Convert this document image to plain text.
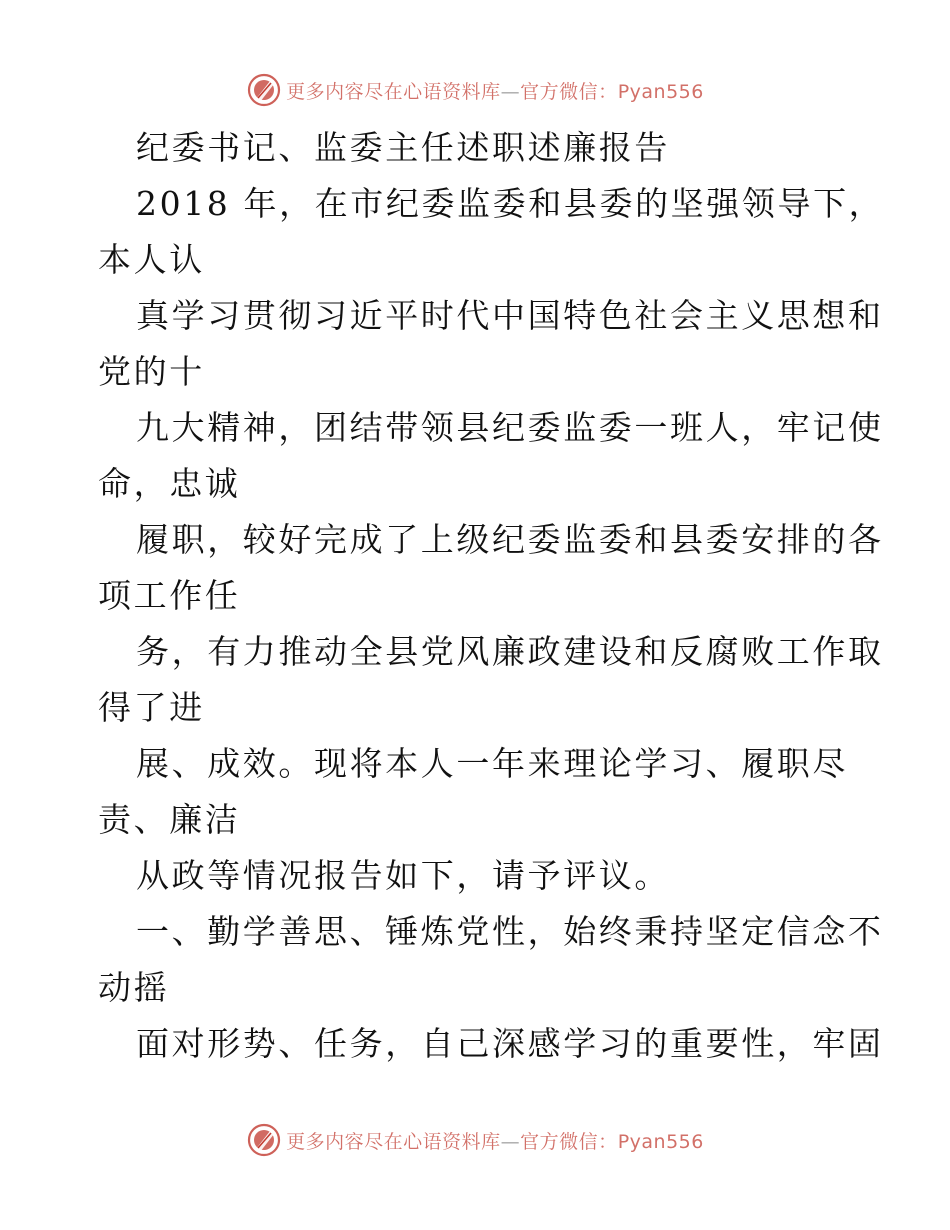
更多内容尽在心语资料库—官方微信：Pyan556
纪委书记、监委主任述职述廉报告
2018 年，在市纪委监委和县委的坚强领导下，
本人认
真学习贯彻习近平时代中国特色社会主义思想和
党的十
九大精神，团结带领县纪委监委一班人，牢记使
命，忠诚
履职，较好完成了上级纪委监委和县委安排的各
项工作任
务，有力推动全县党风廉政建设和反腐败工作取
得了进
展、成效。现将本人一年来理论学习、履职尽
责、廉洁
从政等情况报告如下，请予评议。
一、勤学善思、锤炼党性，始终秉持坚定信念不
动摇
面对形势、任务，自己深感学习的重要性，牢固
更多内容尽在心语资料库—官方微信：Pyan556
